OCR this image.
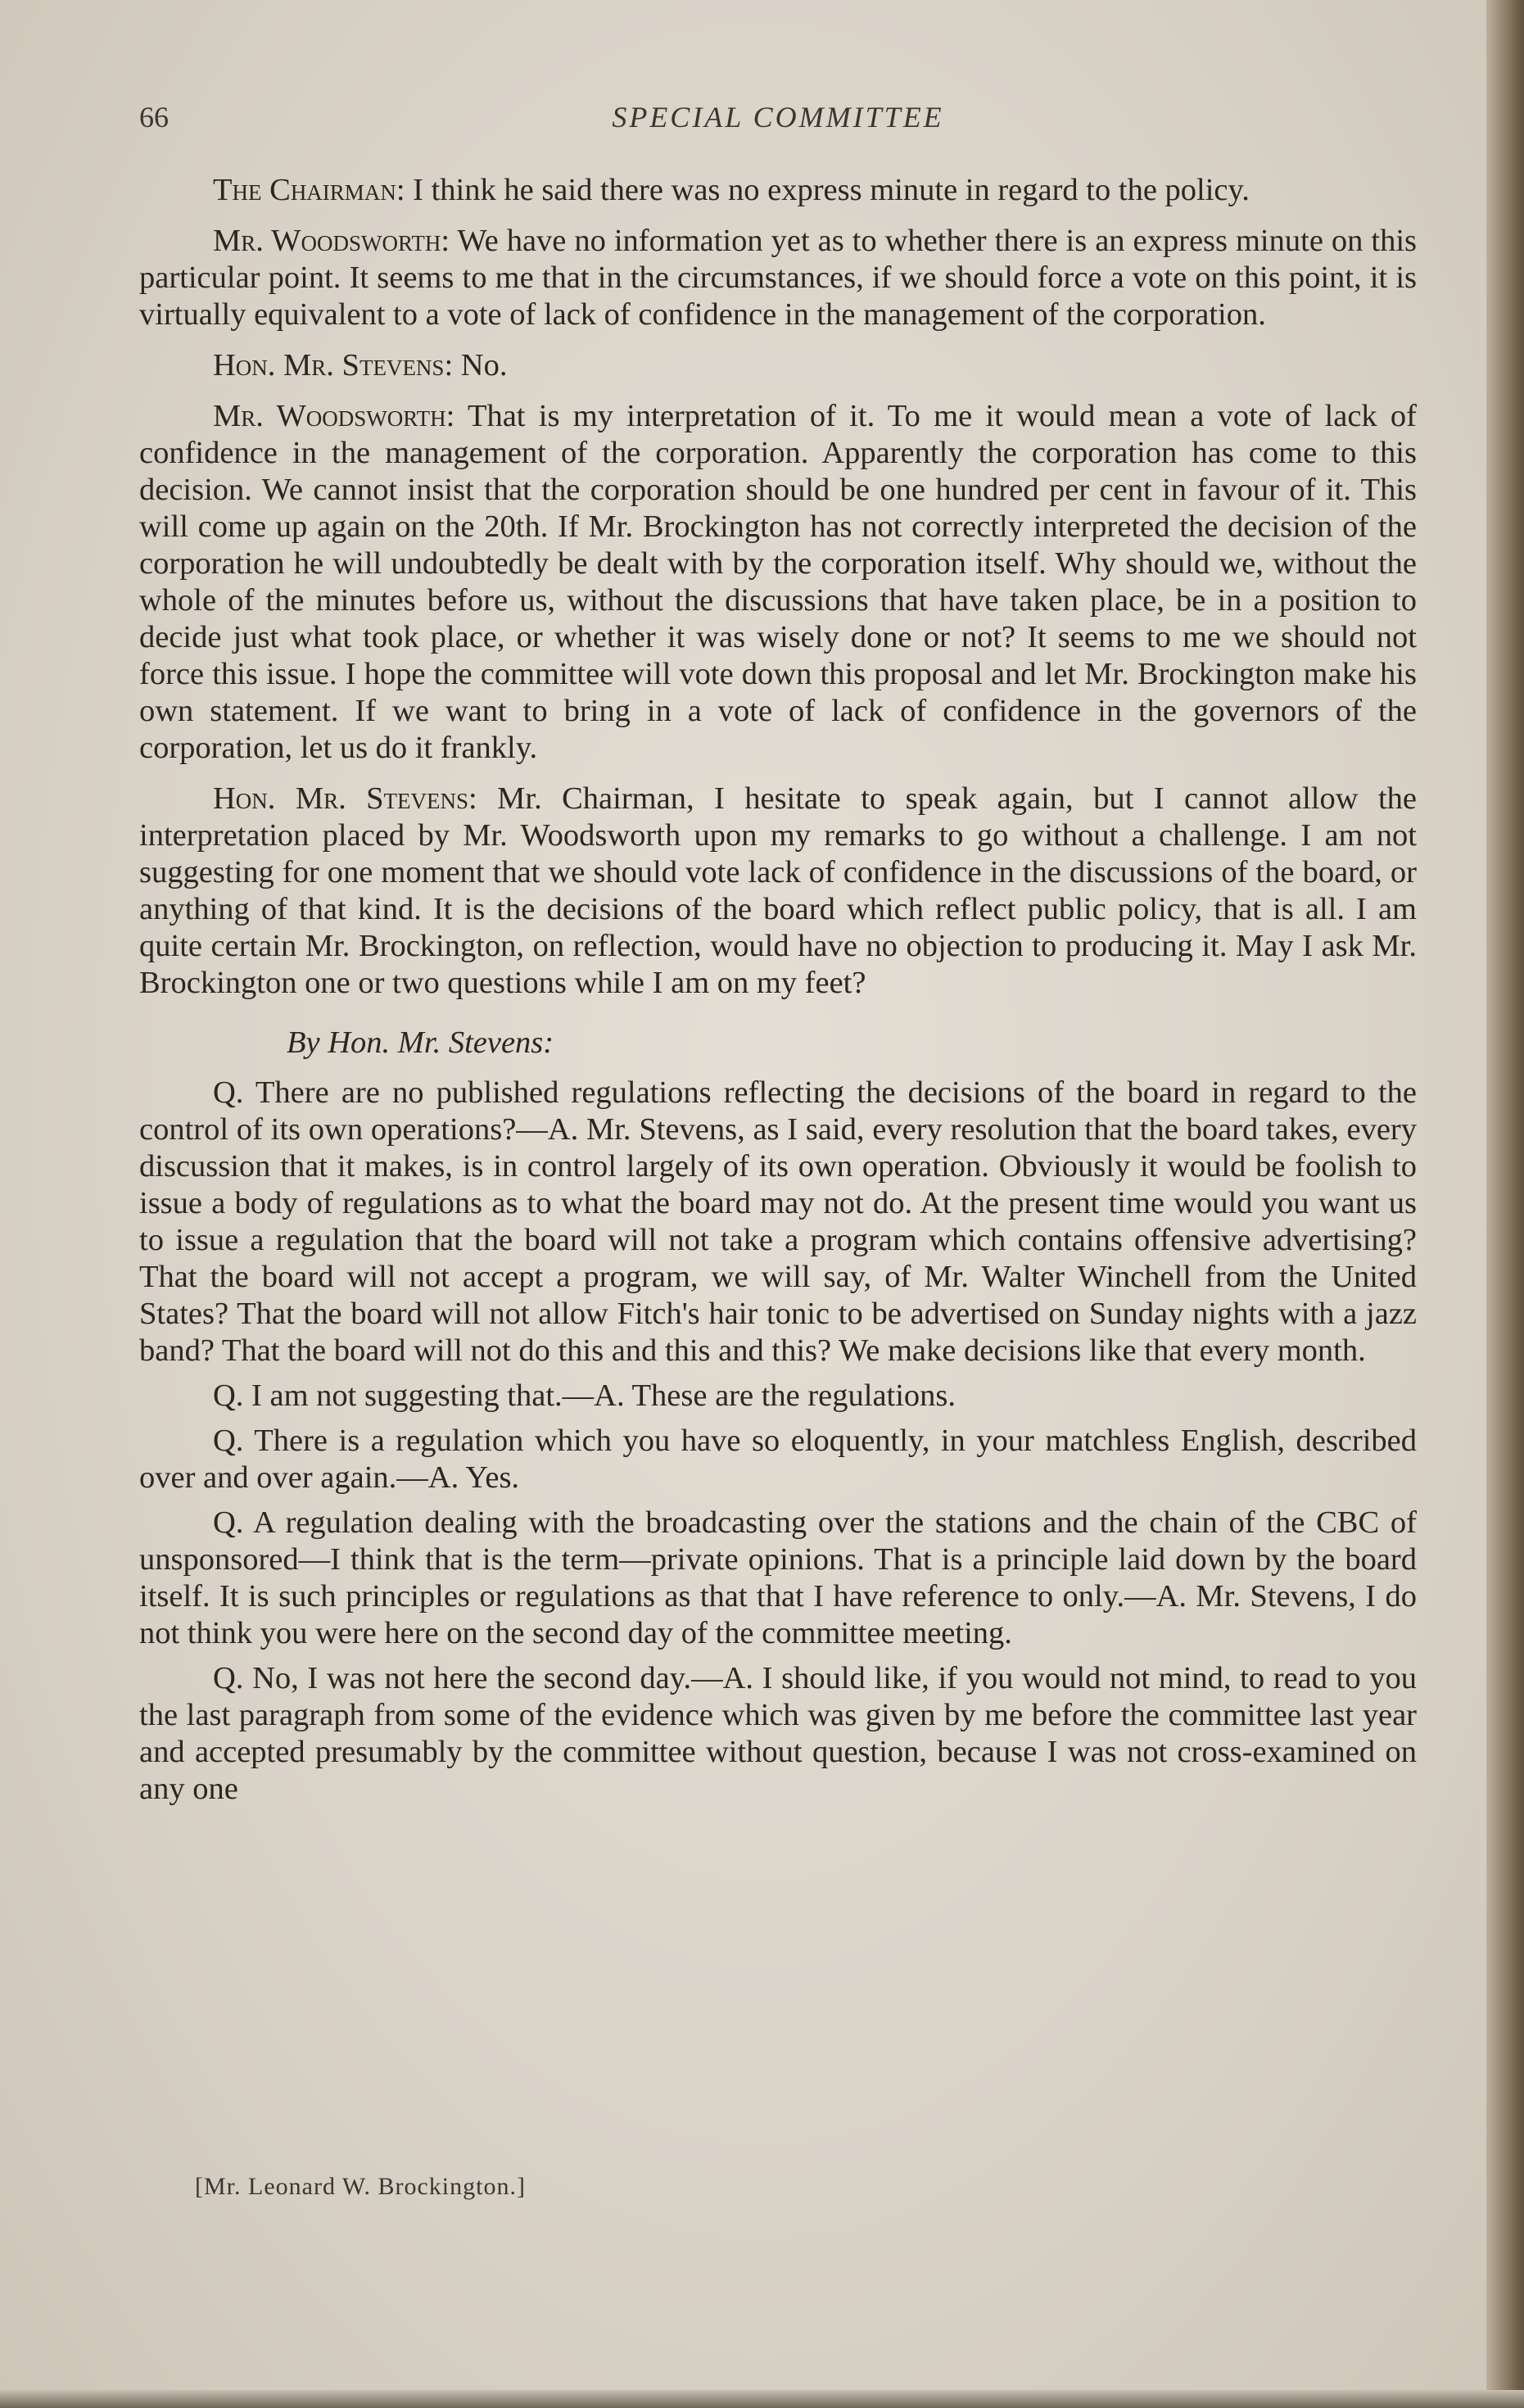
66	SPECIAL COMMITTEE

The Chairman: I think he said there was no express minute in regard to the policy.

Mr. Woodsworth: We have no information yet as to whether there is an express minute on this particular point. It seems to me that in the circumstances, if we should force a vote on this point, it is virtually equivalent to a vote of lack of confidence in the management of the corporation.

Hon. Mr. Stevens: No.

Mr. Woodsworth: That is my interpretation of it. To me it would mean a vote of lack of confidence in the management of the corporation. Apparently the corporation has come to this decision. We cannot insist that the corporation should be one hundred per cent in favour of it. This will come up again on the 20th. If Mr. Brockington has not correctly interpreted the decision of the corporation he will undoubtedly be dealt with by the corporation itself. Why should we, without the whole of the minutes before us, without the discussions that have taken place, be in a position to decide just what took place, or whether it was wisely done or not? It seems to me we should not force this issue. I hope the committee will vote down this proposal and let Mr. Brockington make his own statement. If we want to bring in a vote of lack of confidence in the governors of the corporation, let us do it frankly.

Hon. Mr. Stevens: Mr. Chairman, I hesitate to speak again, but I cannot allow the interpretation placed by Mr. Woodsworth upon my remarks to go without a challenge. I am not suggesting for one moment that we should vote lack of confidence in the discussions of the board, or anything of that kind. It is the decisions of the board which reflect public policy, that is all. I am quite certain Mr. Brockington, on reflection, would have no objection to producing it. May I ask Mr. Brockington one or two questions while I am on my feet?

By Hon. Mr. Stevens:

Q. There are no published regulations reflecting the decisions of the board in regard to the control of its own operations?—A. Mr. Stevens, as I said, every resolution that the board takes, every discussion that it makes, is in control largely of its own operation. Obviously it would be foolish to issue a body of regulations as to what the board may not do. At the present time would you want us to issue a regulation that the board will not take a program which contains offensive advertising? That the board will not accept a program, we will say, of Mr. Walter Winchell from the United States? That the board will not allow Fitch's hair tonic to be advertised on Sunday nights with a jazz band? That the board will not do this and this and this? We make decisions like that every month.

Q. I am not suggesting that.—A. These are the regulations.

Q. There is a regulation which you have so eloquently, in your matchless English, described over and over again.—A. Yes.

Q. A regulation dealing with the broadcasting over the stations and the chain of the CBC of unsponsored—I think that is the term—private opinions. That is a principle laid down by the board itself. It is such principles or regulations as that that I have reference to only.—A. Mr. Stevens, I do not think you were here on the second day of the committee meeting.

Q. No, I was not here the second day.—A. I should like, if you would not mind, to read to you the last paragraph from some of the evidence which was given by me before the committee last year and accepted presumably by the committee without question, because I was not cross-examined on any one

[Mr. Leonard W. Brockington.]
